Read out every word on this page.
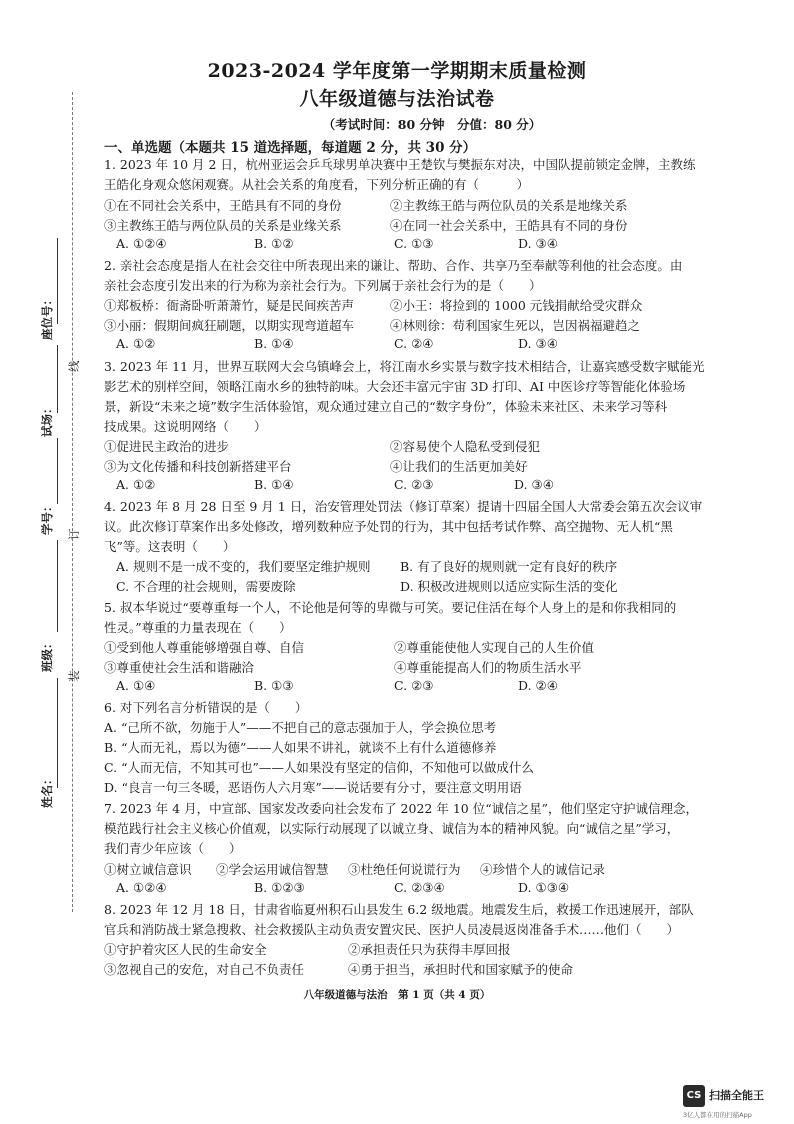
座位号：
试场：
学号：
班级：
姓名：
线
订
装
2023-2024 学年度第一学期期末质量检测
八年级道德与法治试卷
（考试时间：80 分钟　分值：80 分）
一、单选题（本题共 15 道选择题，每道题 2 分，共 30 分）
1. 2023 年 10 月 2 日，杭州亚运会乒乓球男单决赛中王楚钦与樊振东对决，中国队提前锁定金牌，主教练
王皓化身观众悠闲观赛。从社会关系的角度看，下列分析正确的有（　　　）
①在不同社会关系中，王皓具有不同的身份	②主教练王皓与两位队员的关系是地缘关系
③主教练王皓与两位队员的关系是业缘关系	④在同一社会关系中，王皓具有不同的身份
A. ①②④	B. ①②	C. ①③	D. ③④
2. 亲社会态度是指人在社会交往中所表现出来的谦让、帮助、合作、共享乃至奉献等利他的社会态度。由
亲社会态度引发出来的行为称为亲社会行为。下列属于亲社会行为的是（　　）
①郑板桥：衙斋卧听萧萧竹，疑是民间疾苦声	②小王：将捡到的 1000 元钱捐献给受灾群众
③小丽：假期间疯狂刷题，以期实现弯道超车	④林则徐：苟利国家生死以，岂因祸福避趋之
A. ①②	B. ①④	C. ②④	D. ③④
3. 2023 年 11 月，世界互联网大会乌镇峰会上，将江南水乡实景与数字技术相结合，让嘉宾感受数字赋能光
影艺术的别样空间，领略江南水乡的独特韵味。大会还丰富元宇宙 3D 打印、AI 中医诊疗等智能化体验场
景，新设“未来之境”数字生活体验馆，观众通过建立自己的“数字身份”，体验未来社区、未来学习等科
技成果。这说明网络（　　）
①促进民主政治的进步	②容易使个人隐私受到侵犯
③为文化传播和科技创新搭建平台	④让我们的生活更加美好
A. ①②	B. ①④	C. ②③	D. ③④
4. 2023 年 8 月 28 日至 9 月 1 日，治安管理处罚法（修订草案）提请十四届全国人大常委会第五次会议审
议。此次修订草案作出多处修改，增列数种应予处罚的行为，其中包括考试作弊、高空抛物、无人机“黑
飞”等。这表明（　　）
A. 规则不是一成不变的，我们要坚定维护规则 B. 有了良好的规则就一定有良好的秩序
C. 不合理的社会规则，需要废除	D. 积极改进规则以适应实际生活的变化
5. 叔本华说过“要尊重每一个人，不论他是何等的卑微与可笑。要记住活在每个人身上的是和你我相同的
性灵。”尊重的力量表现在（　　）
①受到他人尊重能够增强自尊、自信	②尊重能使他人实现自己的人生价值
③尊重使社会生活和谐融洽	④尊重能提高人们的物质生活水平
A. ①④	B. ①③	C. ②③	D. ②④
6. 对下列名言分析错误的是（　　）
A. “己所不欲，勿施于人”——不把自己的意志强加于人，学会换位思考
B. “人而无礼，焉以为德”——人如果不讲礼，就谈不上有什么道德修养
C. “人而无信，不知其可也”——人如果没有坚定的信仰，不知他可以做成什么
D. “良言一句三冬暖，恶语伤人六月寒”——说话要有分寸，要注意文明用语
7. 2023 年 4 月，中宣部、国家发改委向社会发布了 2022 年 10 位“诚信之星”，他们坚定守护诚信理念，
模范践行社会主义核心价值观，以实际行动展现了以诚立身、诚信为本的精神风貌。向“诚信之星”学习，
我们青少年应该（　　）
①树立诚信意识 ②学会运用诚信智慧 ③杜绝任何说谎行为 ④珍惜个人的诚信记录
A. ①②④	B. ①②③	C. ②③④	D. ①③④
8. 2023 年 12 月 18 日，甘肃省临夏州积石山县发生 6.2 级地震。地震发生后，救援工作迅速展开，部队
官兵和消防战士紧急搜救、社会救援队主动负责安置灾民、医护人员凌晨返岗准备手术……他们（　　）
①守护着灾区人民的生命安全	②承担责任只为获得丰厚回报
③忽视自己的安危，对自己不负责任	④勇于担当，承担时代和国家赋予的使命
八年级道德与法治　第 1 页（共 4 页）
CS 扫描全能王
3亿人都在用的扫描App
